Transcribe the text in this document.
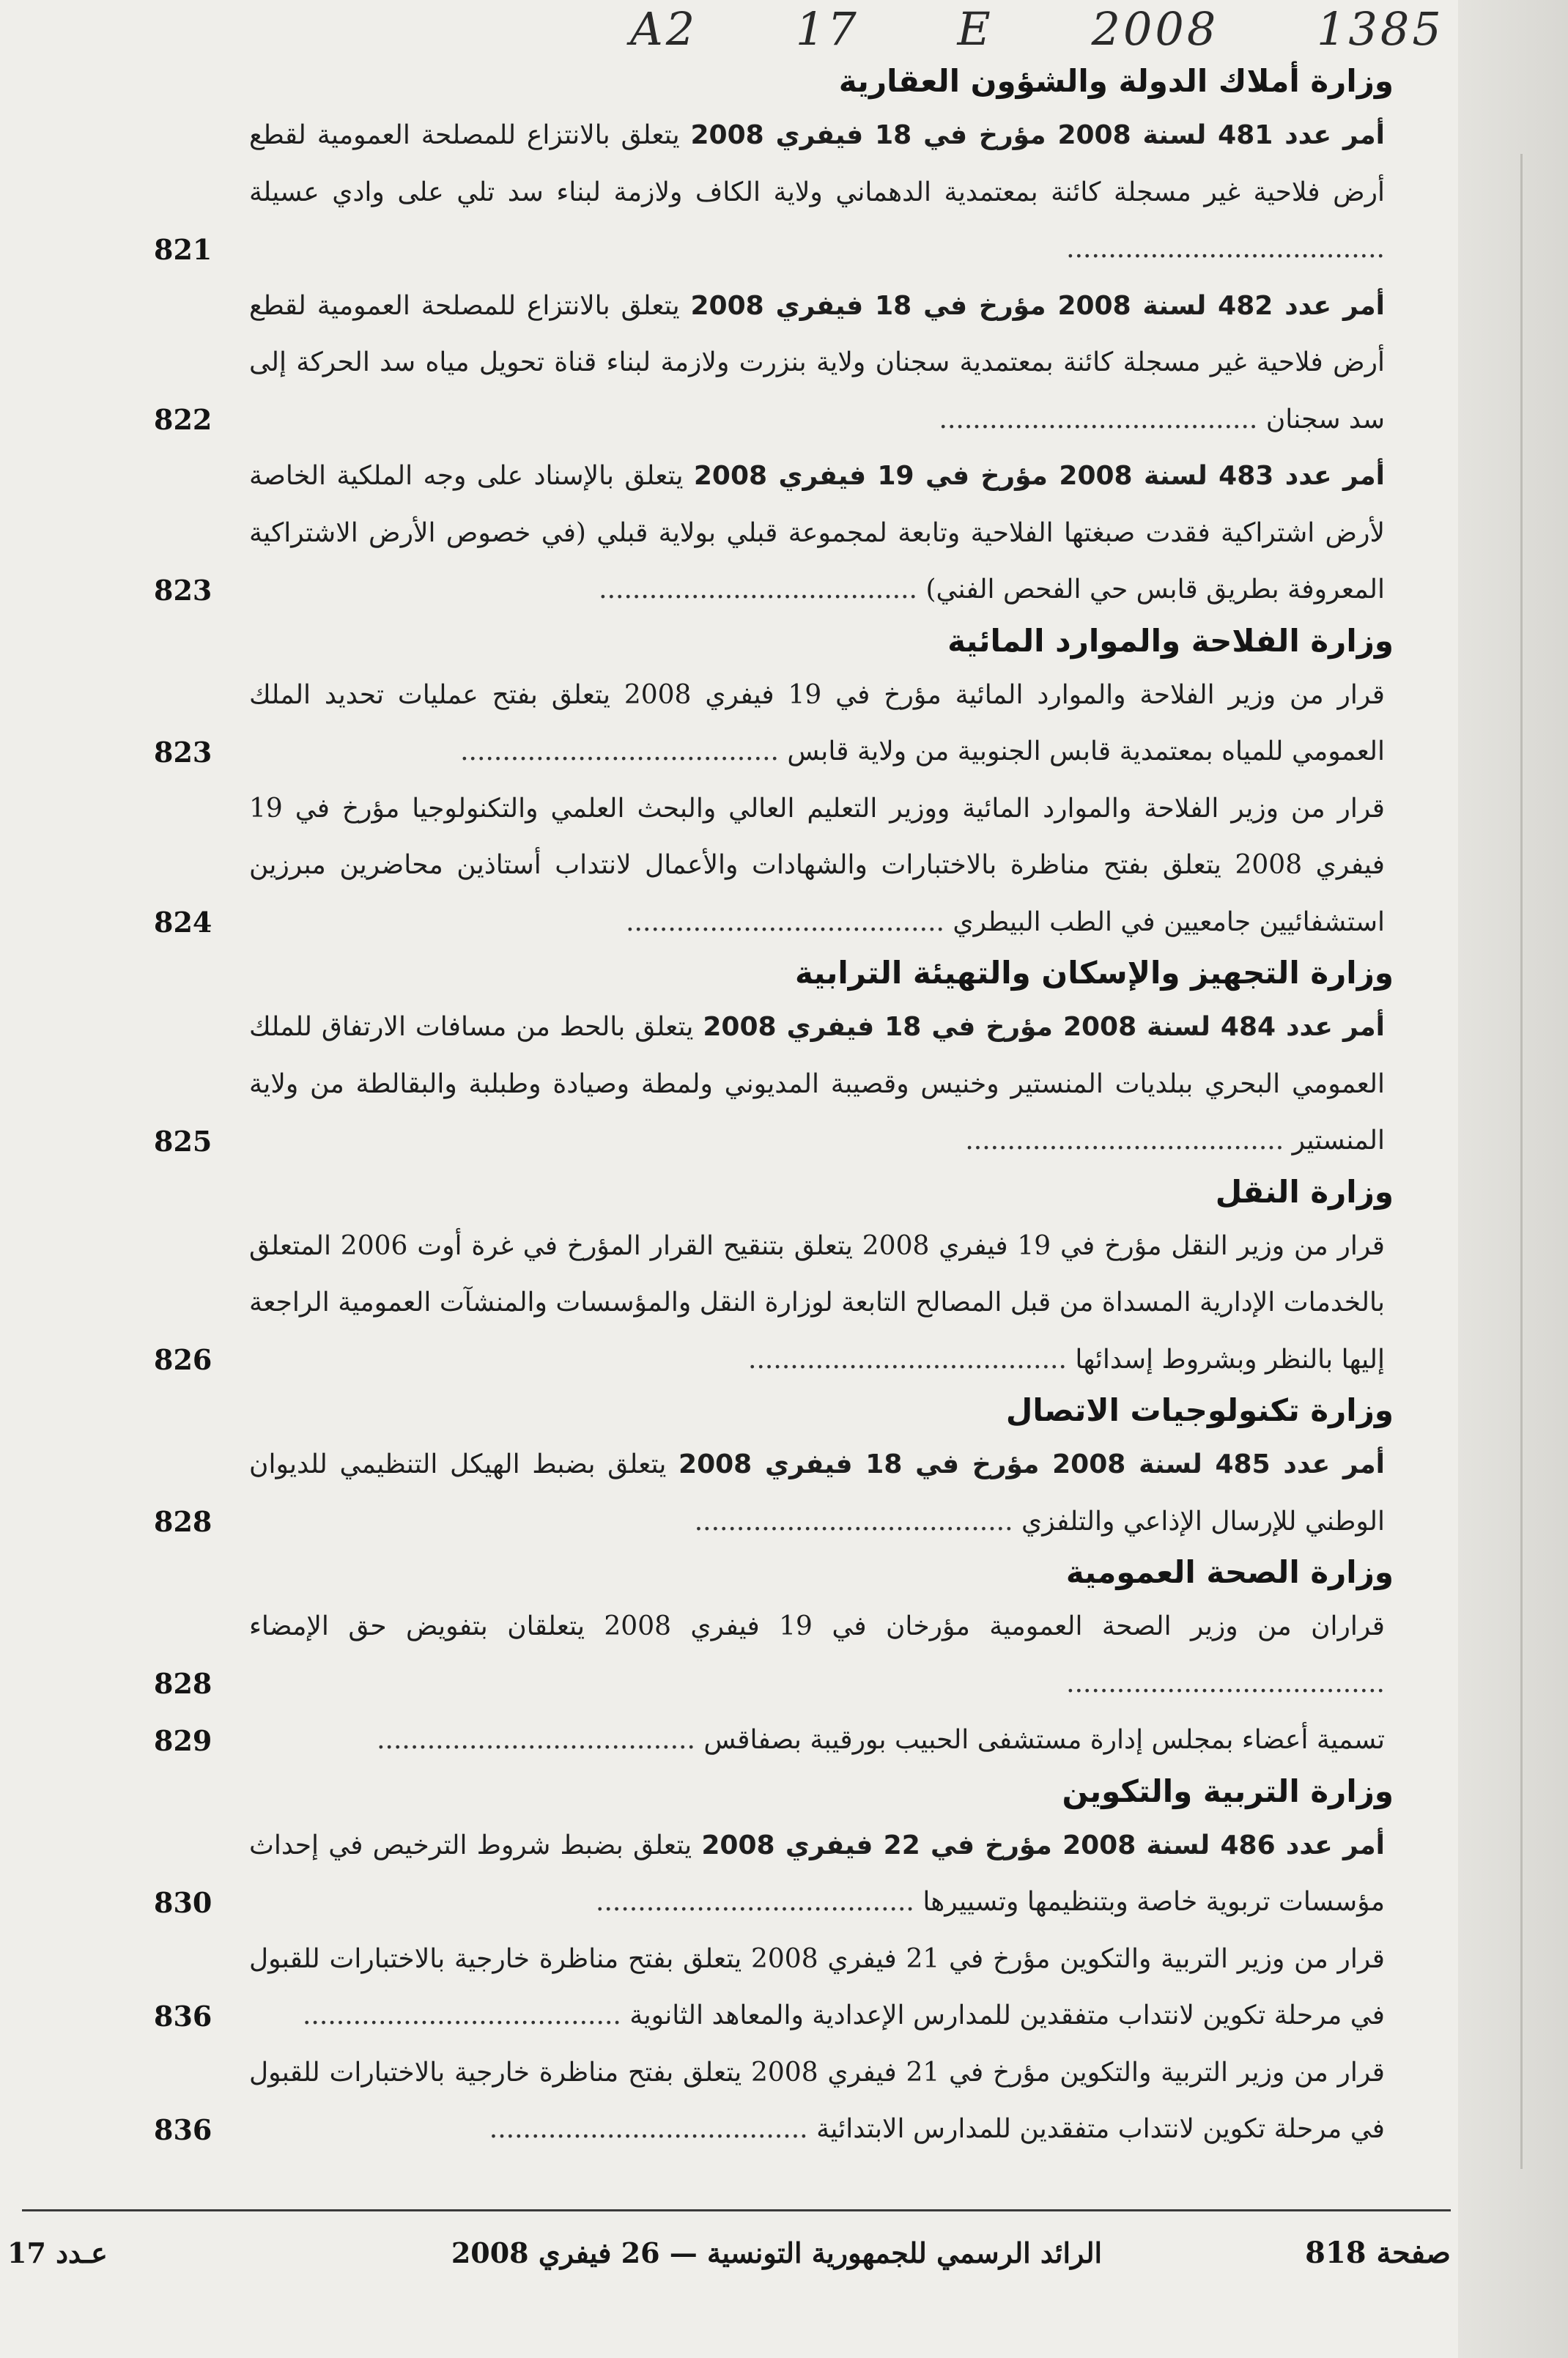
A2 17 E 2008 1385
وزارة أملاك الدولة والشؤون العقارية
أمر عدد 481 لسنة 2008 مؤرخ في 18 فيفري 2008 يتعلق بالانتزاع للمصلحة العمومية لقطع أرض فلاحية غير مسجلة كائنة بمعتمدية الدهماني ولاية الكاف ولازمة لبناء سد تلي على وادي عسيلة ......................................
821
أمر عدد 482 لسنة 2008 مؤرخ في 18 فيفري 2008 يتعلق بالانتزاع للمصلحة العمومية لقطع أرض فلاحية غير مسجلة كائنة بمعتمدية سجنان ولاية بنزرت ولازمة لبناء قناة تحويل مياه سد الحركة إلى سد سجنان ......................................
822
أمر عدد 483 لسنة 2008 مؤرخ في 19 فيفري 2008 يتعلق بالإسناد على وجه الملكية الخاصة لأرض اشتراكية فقدت صبغتها الفلاحية وتابعة لمجموعة قبلي بولاية قبلي (في خصوص الأرض الاشتراكية المعروفة بطريق قابس حي الفحص الفني) ......................................
823
وزارة الفلاحة والموارد المائية
قرار من وزير الفلاحة والموارد المائية مؤرخ في 19 فيفري 2008 يتعلق بفتح عمليات تحديد الملك العمومي للمياه بمعتمدية قابس الجنوبية من ولاية قابس ......................................
823
قرار من وزير الفلاحة والموارد المائية ووزير التعليم العالي والبحث العلمي والتكنولوجيا مؤرخ في 19 فيفري 2008 يتعلق بفتح مناظرة بالاختبارات والشهادات والأعمال لانتداب أستاذين محاضرين مبرزين استشفائيين جامعيين في الطب البيطري ......................................
824
وزارة التجهيز والإسكان والتهيئة الترابية
أمر عدد 484 لسنة 2008 مؤرخ في 18 فيفري 2008 يتعلق بالحط من مسافات الارتفاق للملك العمومي البحري ببلديات المنستير وخنيس وقصيبة المديوني ولمطة وصيادة وطبلبة والبقالطة من ولاية المنستير ......................................
825
وزارة النقل
قرار من وزير النقل مؤرخ في 19 فيفري 2008 يتعلق بتنقيح القرار المؤرخ في غرة أوت 2006 المتعلق بالخدمات الإدارية المسداة من قبل المصالح التابعة لوزارة النقل والمؤسسات والمنشآت العمومية الراجعة إليها بالنظر وبشروط إسدائها ......................................
826
وزارة تكنولوجيات الاتصال
أمر عدد 485 لسنة 2008 مؤرخ في 18 فيفري 2008 يتعلق بضبط الهيكل التنظيمي للديوان الوطني للإرسال الإذاعي والتلفزي ......................................
828
وزارة الصحة العمومية
قراران من وزير الصحة العمومية مؤرخان في 19 فيفري 2008 يتعلقان بتفويض حق الإمضاء ......................................
828
تسمية أعضاء بمجلس إدارة مستشفى الحبيب بورقيبة بصفاقس ......................................
829
وزارة التربية والتكوين
أمر عدد 486 لسنة 2008 مؤرخ في 22 فيفري 2008 يتعلق بضبط شروط الترخيص في إحداث مؤسسات تربوية خاصة وبتنظيمها وتسييرها ......................................
830
قرار من وزير التربية والتكوين مؤرخ في 21 فيفري 2008 يتعلق بفتح مناظرة خارجية بالاختبارات للقبول في مرحلة تكوين لانتداب متفقدين للمدارس الإعدادية والمعاهد الثانوية ......................................
836
قرار من وزير التربية والتكوين مؤرخ في 21 فيفري 2008 يتعلق بفتح مناظرة خارجية بالاختبارات للقبول في مرحلة تكوين لانتداب متفقدين للمدارس الابتدائية ......................................
836
عـدد 17	الرائد الرسمي للجمهورية التونسية — 26 فيفري 2008	صفحة 818
